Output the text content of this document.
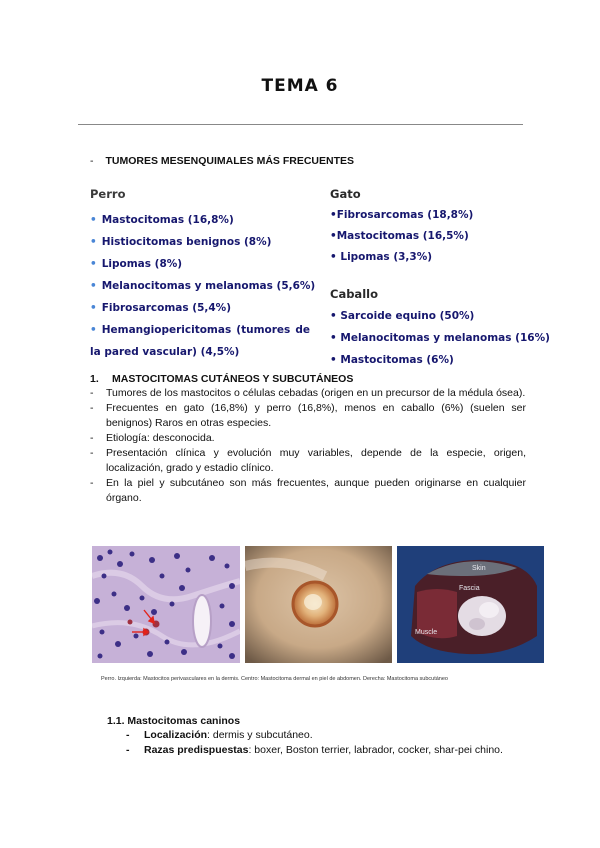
TEMA 6
- TUMORES MESENQUIMALES MÁS FRECUENTES
Perro
• Mastocitomas (16,8%)
• Histiocitomas benignos (8%)
• Lipomas (8%)
• Melanocitomas y melanomas (5,6%)
• Fibrosarcomas (5,4%)
• Hemangiopericitomas (tumores de
la pared vascular) (4,5%)
Gato
•Fibrosarcomas (18,8%)
•Mastocitomas (16,5%)
• Lipomas (3,3%)
Caballo
• Sarcoide equino (50%)
• Melanocitomas y melanomas (16%)
• Mastocitomas (6%)
1. MASTOCITOMAS CUTÁNEOS Y SUBCUTÁNEOS
-	Tumores de los mastocitos o células cebadas (origen en un precursor de la médula ósea).
-	Frecuentes en gato (16,8%) y perro (16,8%), menos en caballo (6%) (suelen ser benignos) Raros en otras especies.
-	Etiología: desconocida.
-	Presentación clínica y evolución muy variables, depende de la especie, origen, localización, grado y estadio clínico.
-	En la piel y subcutáneo son más frecuentes, aunque pueden originarse en cualquier órgano.
Skin
Fascia
Muscle
Perro. Izquierda: Mastocitos perivasculares en la dermis. Centro: Mastocitoma dermal en piel de abdomen. Derecha: Mastocitoma subcutáneo
1.1. Mastocitomas caninos
- Localización: dermis y subcutáneo.
- Razas predispuestas: boxer, Boston terrier, labrador, cocker, shar-pei chino.
